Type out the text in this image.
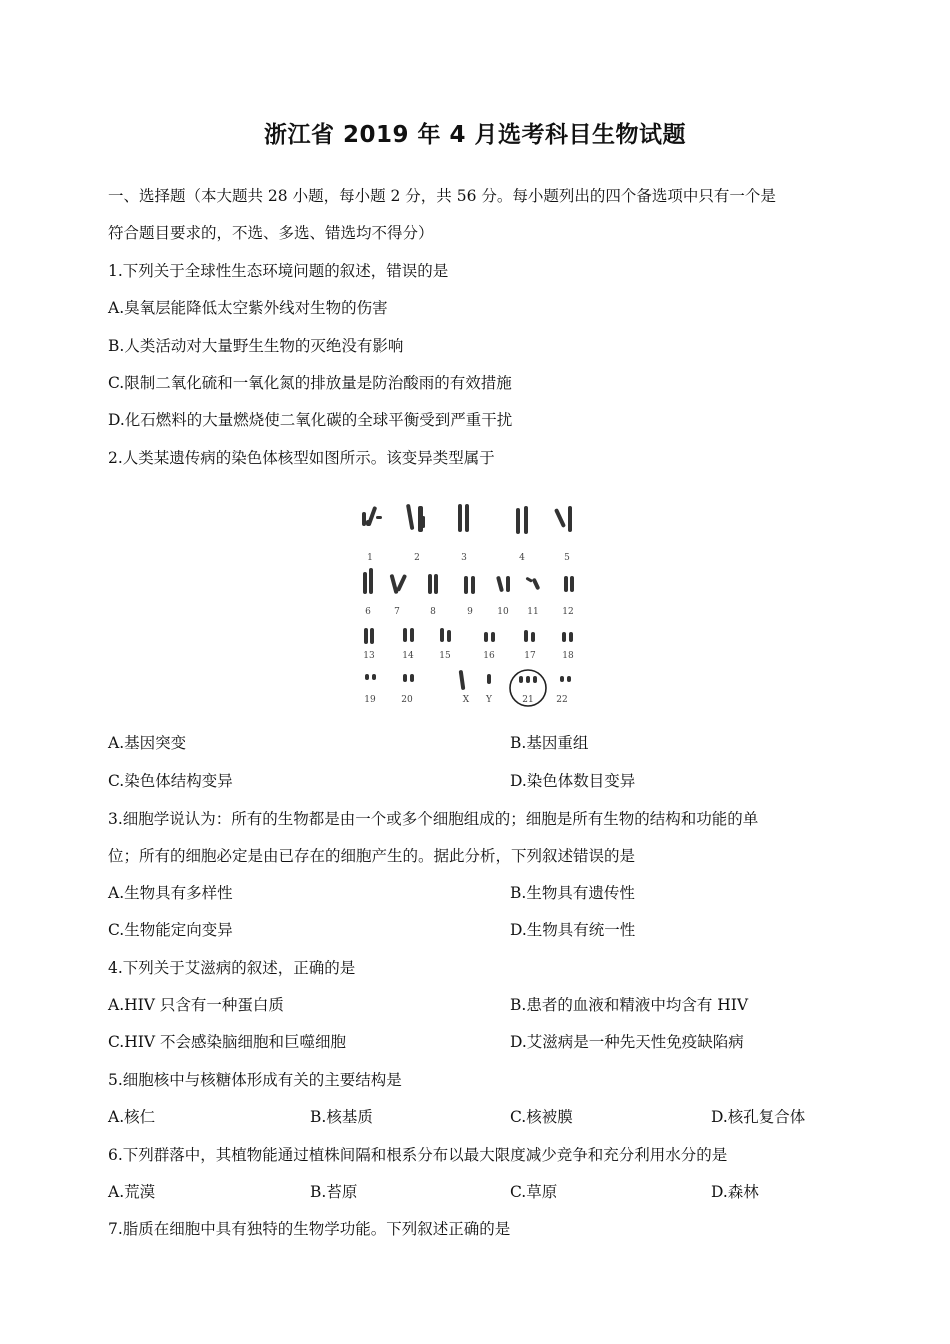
浙江省 2019 年 4 月选考科目生物试题
一、选择题（本大题共 28 小题，每小题 2 分，共 56 分。每小题列出的四个备选项中只有一个是
符合题目要求的，不选、多选、错选均不得分）
1.下列关于全球性生态环境问题的叙述，错误的是
A.臭氧层能降低太空紫外线对生物的伤害
B.人类活动对大量野生生物的灭绝没有影响
C.限制二氧化硫和一氧化氮的排放量是防治酸雨的有效措施
D.化石燃料的大量燃烧使二氧化碳的全球平衡受到严重干扰
2.人类某遗传病的染色体核型如图所示。该变异类型属于
1	2	3	4	5
6	7	8	9	10 11	12
13	14	15	16	17	18
19	20	X Y	21	22
A.基因突变	B.基因重组
C.染色体结构变异	D.染色体数目变异
3.细胞学说认为：所有的生物都是由一个或多个细胞组成的；细胞是所有生物的结构和功能的单
位；所有的细胞必定是由已存在的细胞产生的。据此分析，下列叙述错误的是
A.生物具有多样性	B.生物具有遗传性
C.生物能定向变异	D.生物具有统一性
4.下列关于艾滋病的叙述，正确的是
A.HIV 只含有一种蛋白质	B.患者的血液和精液中均含有 HIV
C.HIV 不会感染脑细胞和巨噬细胞	D.艾滋病是一种先天性免疫缺陷病
5.细胞核中与核糖体形成有关的主要结构是
A.核仁	B.核基质	C.核被膜	D.核孔复合体
6.下列群落中，其植物能通过植株间隔和根系分布以最大限度减少竞争和充分利用水分的是
A.荒漠	B.苔原	C.草原	D.森林
7.脂质在细胞中具有独特的生物学功能。下列叙述正确的是
